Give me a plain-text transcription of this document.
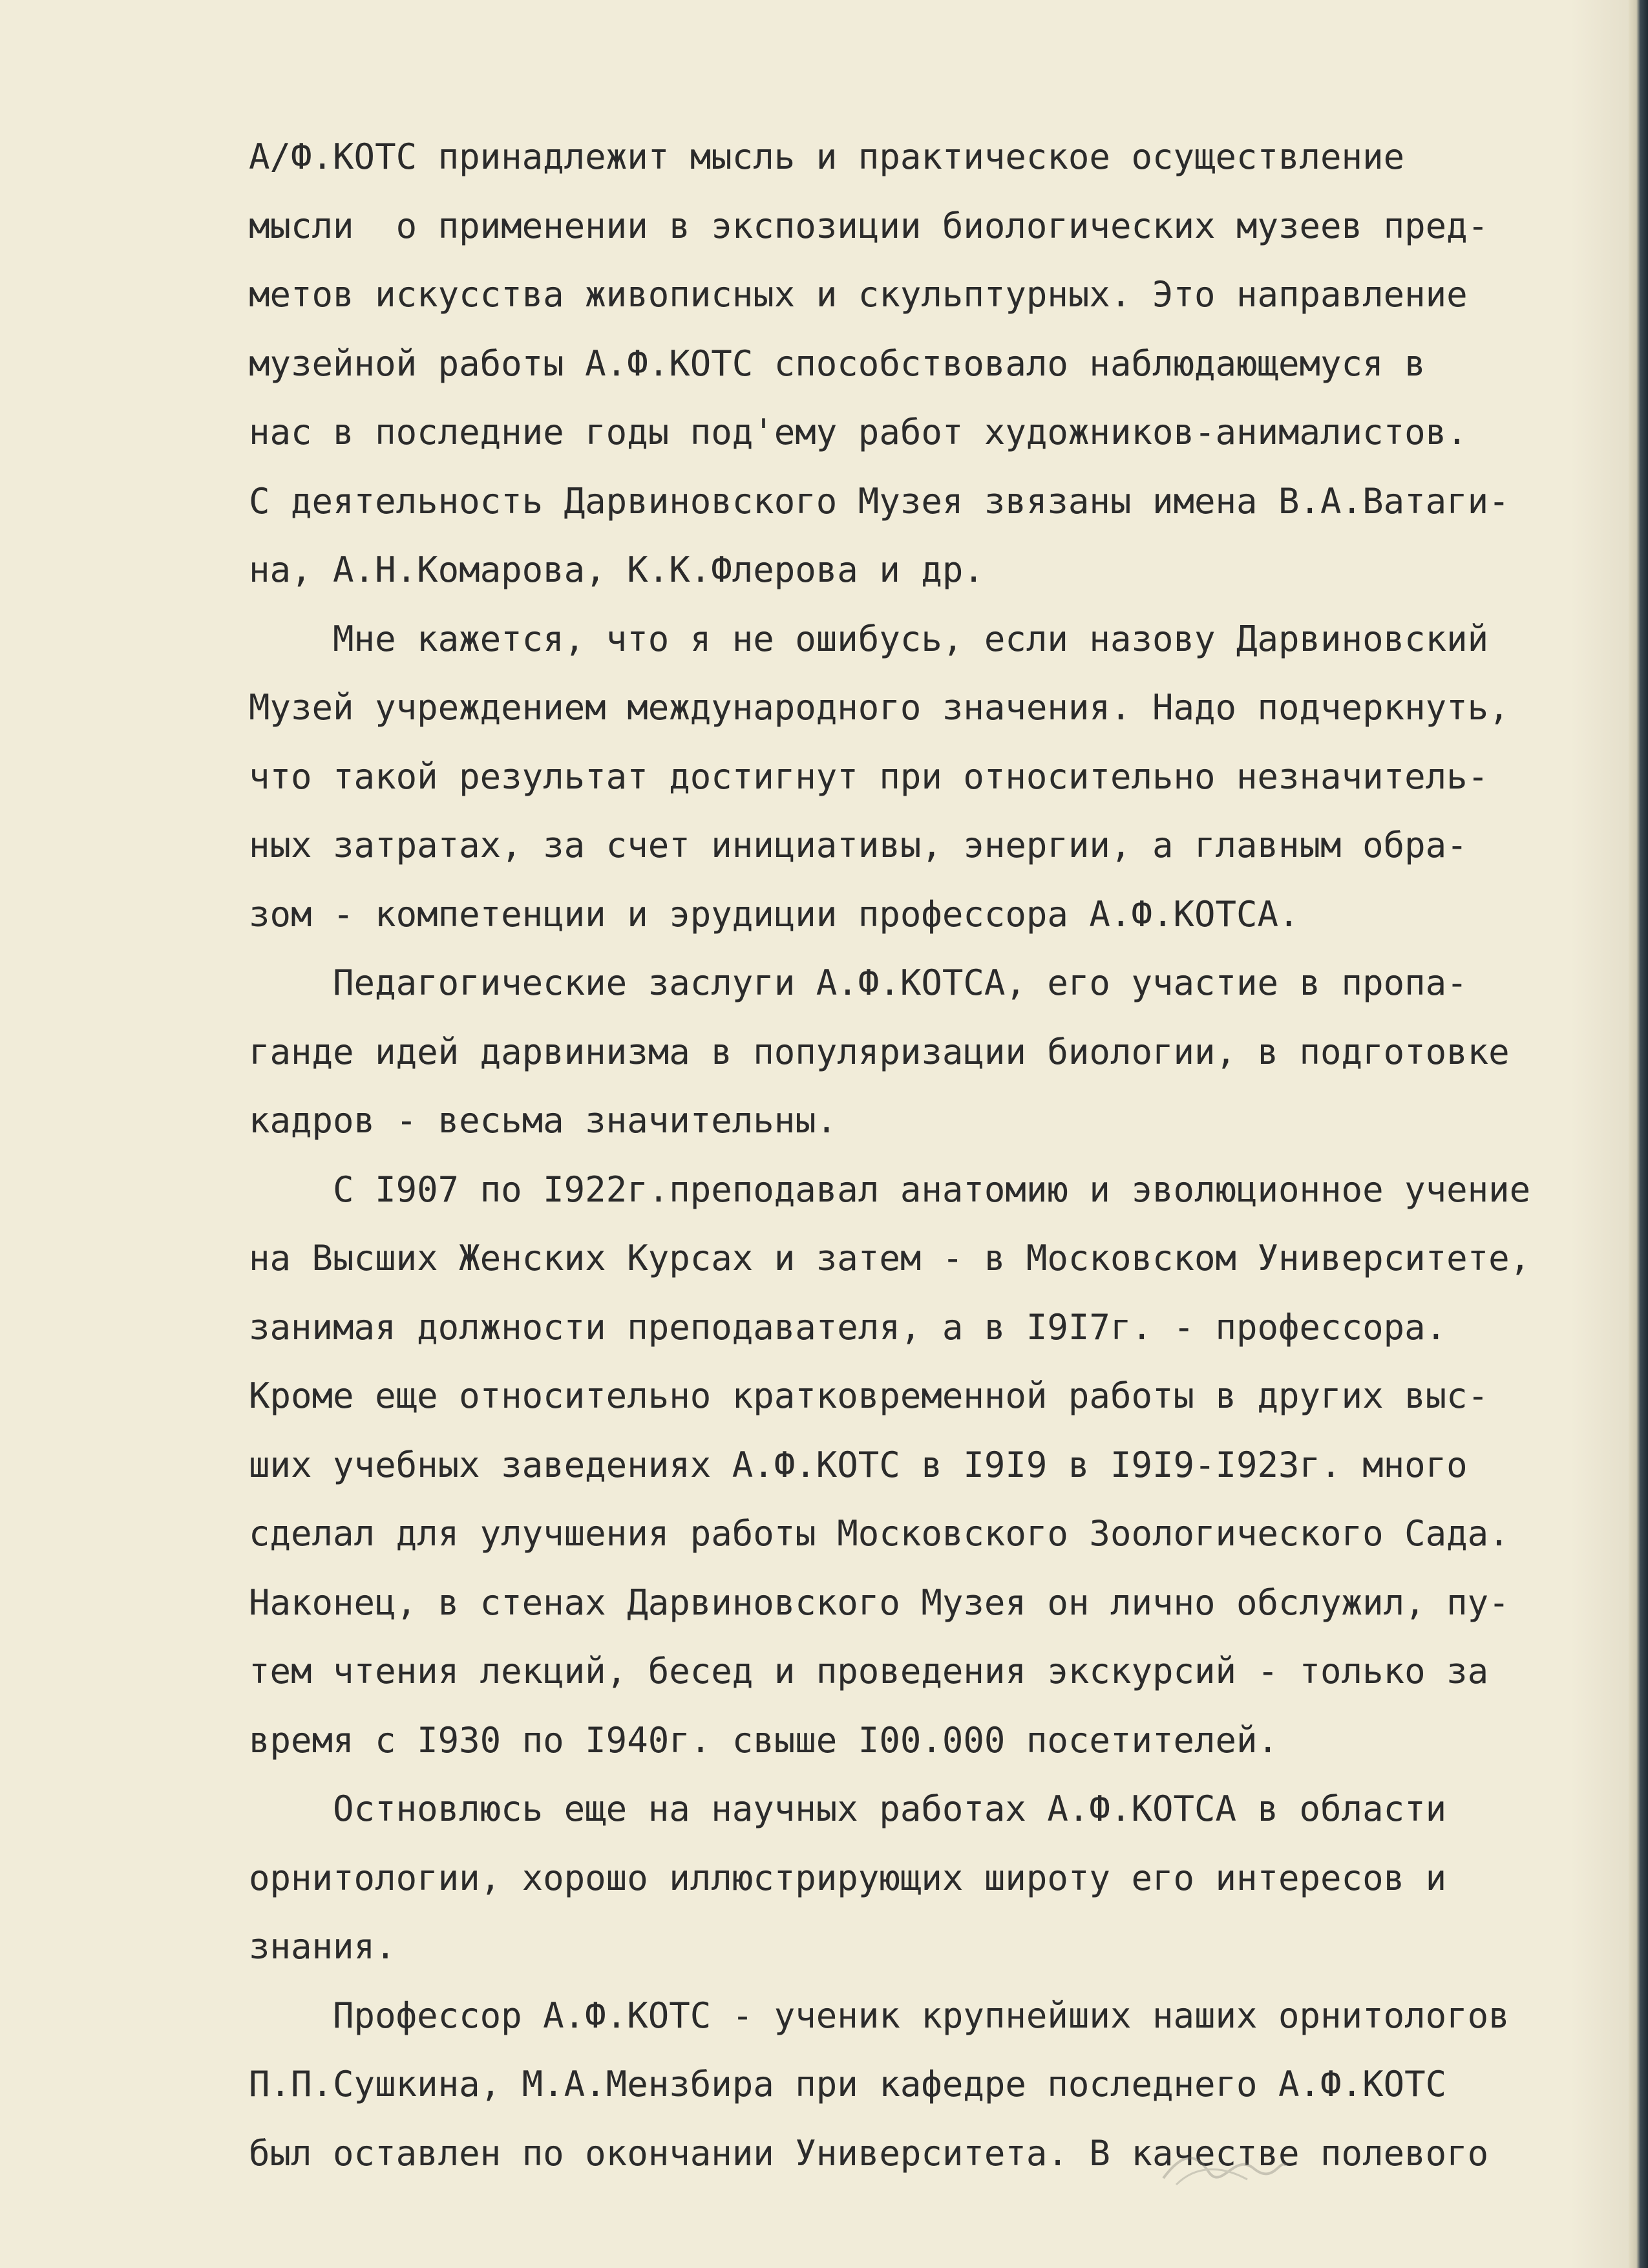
А/Ф.КОТС принадлежит мысль и практическое осуществление
мысли  о применении в экспозиции биологических музеев пред-
метов искусства живописных и скульптурных. Это направление
музейной работы А.Ф.КОТС способствовало наблюдающемуся в
нас в последние годы под'ему работ художников-анималистов.
С деятельность Дарвиновского Музея звязаны имена В.А.Ватаги-
на, А.Н.Комарова, К.К.Флерова и др.
Мне кажется, что я не ошибусь, если назову Дарвиновский
Музей учреждением международного значения. Надо подчеркнуть,
что такой результат достигнут при относительно незначитель-
ных затратах, за счет инициативы, энергии, а главным обра-
зом - компетенции и эрудиции профессора А.Ф.КОТСА.
Педагогические заслуги А.Ф.КОТСА, его участие в пропа-
ганде идей дарвинизма в популяризации биологии, в подготовке
кадров - весьма значительны.
С I907 по I922г.преподавал анатомию и эволюционное учение
на Высших Женских Курсах и затем - в Московском Университете,
занимая должности преподавателя, а в I9I7г. - профессора.
Кроме еще относительно кратковременной работы в других выс-
ших учебных заведениях А.Ф.КОТС в I9I9 в I9I9-I923г. много
сделал для улучшения работы Московского Зоологического Сада.
Наконец, в стенах Дарвиновского Музея он лично обслужил, пу-
тем чтения лекций, бесед и проведения экскурсий - только за
время с I930 по I940г. свыше I00.000 посетителей.
Остновлюсь еще на научных работах А.Ф.КОТСА в области
орнитологии, хорошо иллюстрирующих широту его интересов и
знания.
Профессор А.Ф.КОТС - ученик крупнейших наших орнитологов
П.П.Сушкина, М.А.Мензбира при кафедре последнего А.Ф.КОТС
был оставлен по окончании Университета. В качестве полевого
